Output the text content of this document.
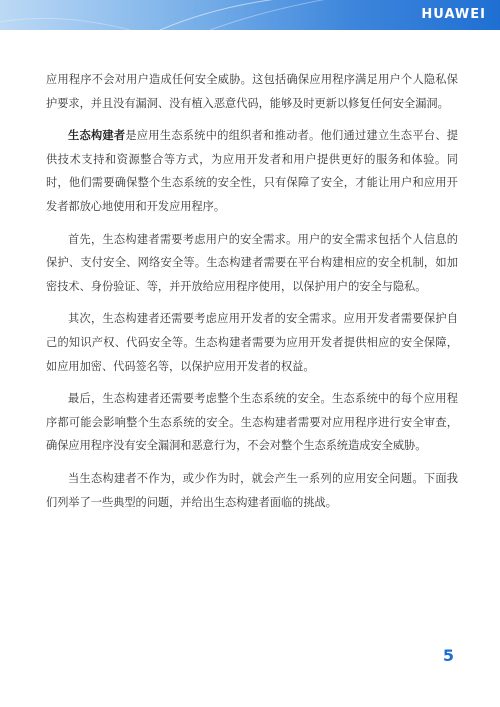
HUAWEI

应用程序不会对用户造成任何安全威胁。这包括确保应用程序满足用户个人隐私保护要求，并且没有漏洞、没有植入恶意代码，能够及时更新以修复任何安全漏洞。

生态构建者是应用生态系统中的组织者和推动者。他们通过建立生态平台、提供技术支持和资源整合等方式，为应用开发者和用户提供更好的服务和体验。同时，他们需要确保整个生态系统的安全性，只有保障了安全，才能让用户和应用开发者都放心地使用和开发应用程序。

首先，生态构建者需要考虑用户的安全需求。用户的安全需求包括个人信息的保护、支付安全、网络安全等。生态构建者需要在平台构建相应的安全机制，如加密技术、身份验证、等，并开放给应用程序使用，以保护用户的安全与隐私。

其次，生态构建者还需要考虑应用开发者的安全需求。应用开发者需要保护自己的知识产权、代码安全等。生态构建者需要为应用开发者提供相应的安全保障，如应用加密、代码签名等，以保护应用开发者的权益。

最后，生态构建者还需要考虑整个生态系统的安全。生态系统中的每个应用程序都可能会影响整个生态系统的安全。生态构建者需要对应用程序进行安全审查，确保应用程序没有安全漏洞和恶意行为，不会对整个生态系统造成安全威胁。

当生态构建者不作为，或少作为时，就会产生一系列的应用安全问题。下面我们列举了一些典型的问题，并给出生态构建者面临的挑战。

5
